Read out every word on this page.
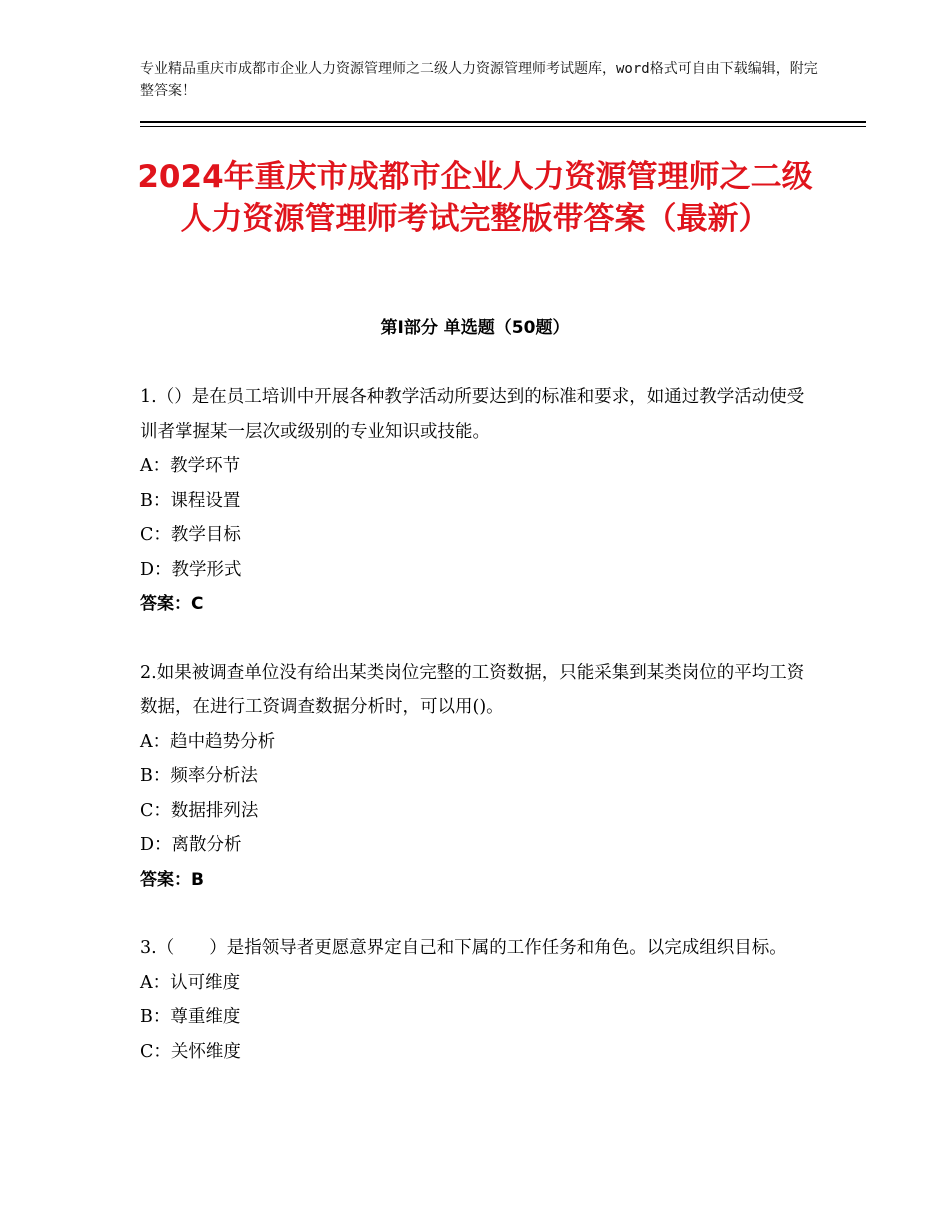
专业精品重庆市成都市企业人力资源管理师之二级人力资源管理师考试题库，word格式可自由下载编辑，附完整答案！
2024年重庆市成都市企业人力资源管理师之二级人力资源管理师考试完整版带答案（最新）
第Ⅰ部分 单选题（50题）

1.（）是在员工培训中开展各种教学活动所要达到的标准和要求，如通过教学活动使受训者掌握某一层次或级别的专业知识或技能。

A：教学环节

B：课程设置

C：教学目标

D：教学形式

答案：C

2.如果被调查单位没有给出某类岗位完整的工资数据，只能采集到某类岗位的平均工资数据，在进行工资调查数据分析时，可以用()。

A：趋中趋势分析

B：频率分析法

C：数据排列法

D：离散分析

答案：B

3.（　　）是指领导者更愿意界定自己和下属的工作任务和角色。以完成组织目标。

A：认可维度

B：尊重维度

C：关怀维度
